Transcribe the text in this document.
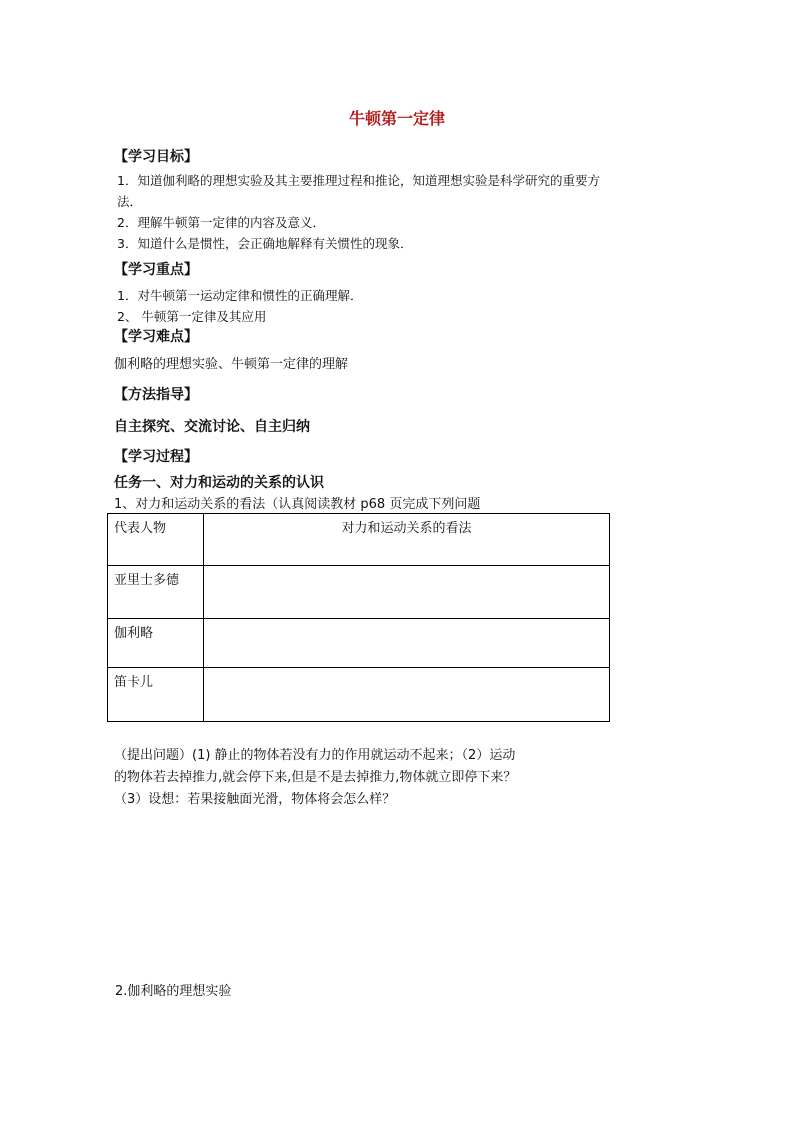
牛顿第一定律
【学习目标】
1．知道伽利略的理想实验及其主要推理过程和推论，知道理想实验是科学研究的重要方
法．
2．理解牛顿第一定律的内容及意义．
3．知道什么是惯性，会正确地解释有关惯性的现象．
【学习重点】
1．对牛顿第一运动定律和惯性的正确理解．
2、 牛顿第一定律及其应用
【学习难点】
伽利略的理想实验、牛顿第一定律的理解
【方法指导】
自主探究、交流讨论、自主归纳
【学习过程】
任务一、对力和运动的关系的认识
1、对力和运动关系的看法（认真阅读教材 p68 页完成下列问题
代表人物	对力和运动关系的看法
亚里士多德	
伽利略	
笛卡儿	
（提出问题）(1) 静止的物体若没有力的作用就运动不起来；（2）运动
的物体若去掉推力,就会停下来,但是不是去掉推力,物体就立即停下来？
（3）设想：若果接触面光滑，物体将会怎么样？
2.伽利略的理想实验
